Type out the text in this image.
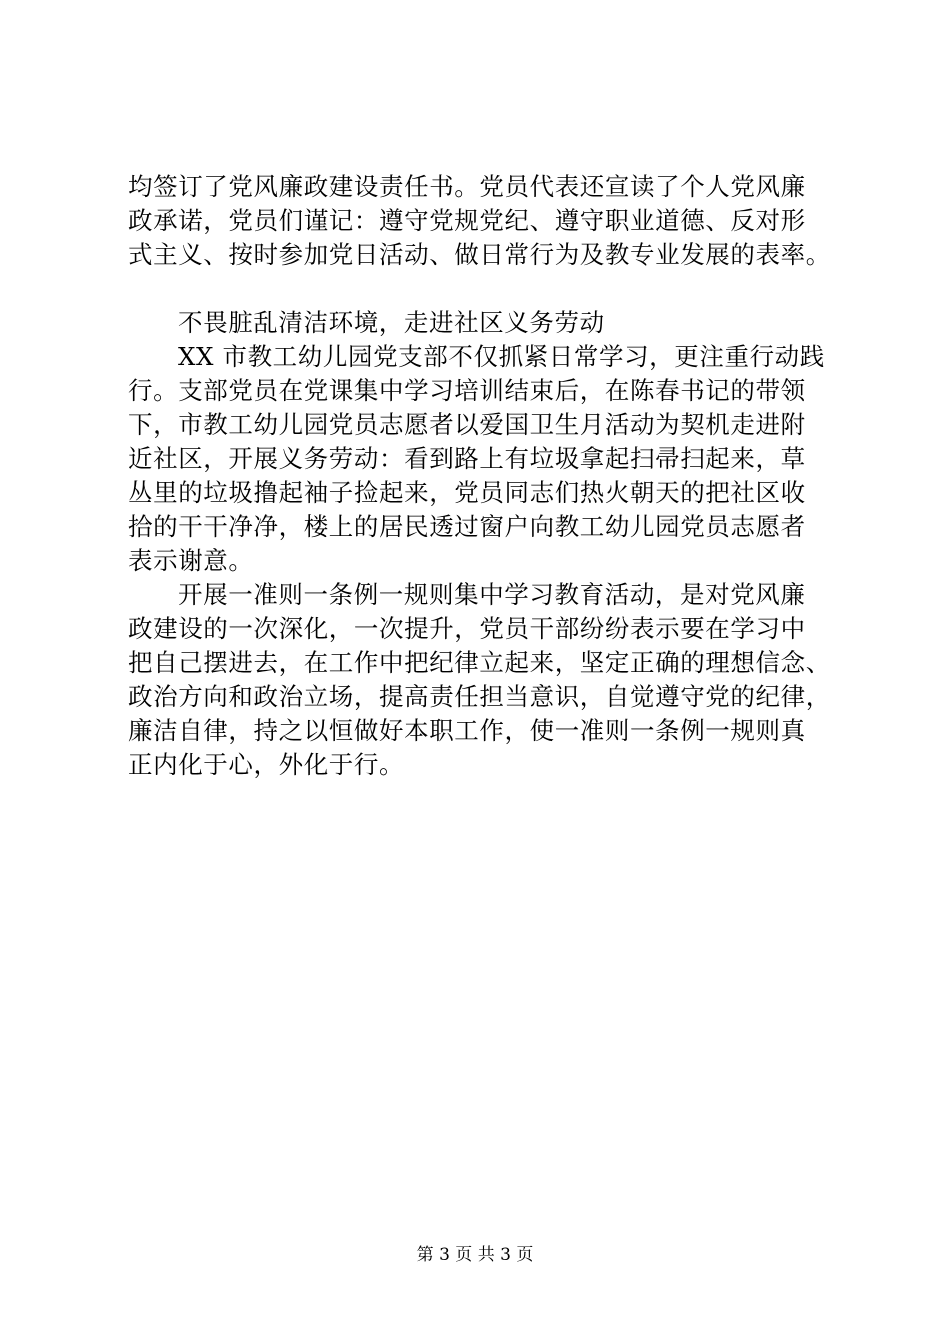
均签订了党风廉政建设责任书。党员代表还宣读了个人党风廉
政承诺，党员们谨记：遵守党规党纪、遵守职业道德、反对形
式主义、按时参加党日活动、做日常行为及教专业发展的表率。
不畏脏乱清洁环境，走进社区义务劳动
XX 市教工幼儿园党支部不仅抓紧日常学习，更注重行动践
行。支部党员在党课集中学习培训结束后，在陈春书记的带领
下，市教工幼儿园党员志愿者以爱国卫生月活动为契机走进附
近社区，开展义务劳动：看到路上有垃圾拿起扫帚扫起来，草
丛里的垃圾撸起袖子捡起来，党员同志们热火朝天的把社区收
拾的干干净净，楼上的居民透过窗户向教工幼儿园党员志愿者
表示谢意。
开展一准则一条例一规则集中学习教育活动，是对党风廉
政建设的一次深化，一次提升，党员干部纷纷表示要在学习中
把自己摆进去，在工作中把纪律立起来，坚定正确的理想信念、
政治方向和政治立场，提高责任担当意识，自觉遵守党的纪律，
廉洁自律，持之以恒做好本职工作，使一准则一条例一规则真
正内化于心，外化于行。
第 3 页 共 3 页
